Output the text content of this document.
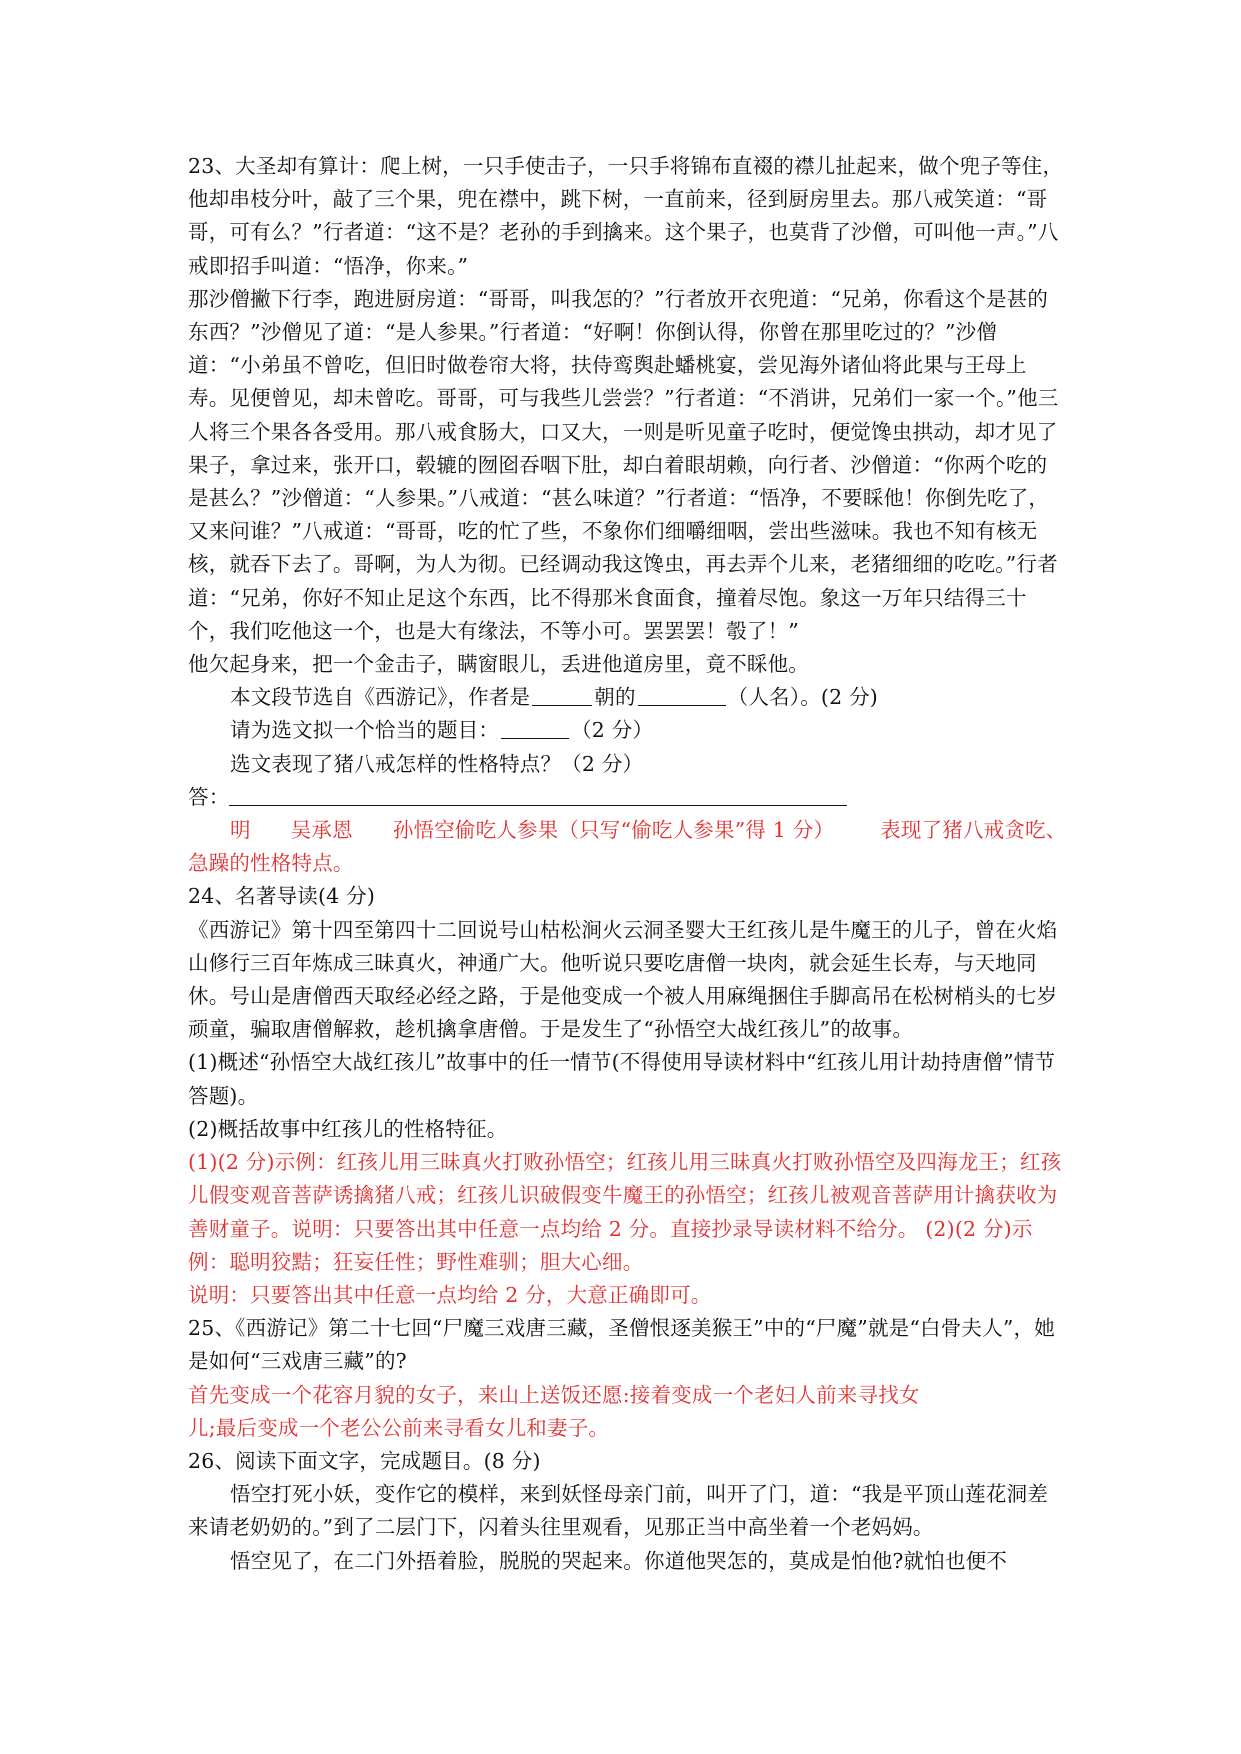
23、大圣却有算计：爬上树，一只手使击子，一只手将锦布直裰的襟儿扯起来，做个兜子等住，他却串枝分叶，敲了三个果，兜在襟中，跳下树，一直前来，径到厨房里去。那八戒笑道：“哥哥，可有么？”行者道：“这不是？老孙的手到擒来。这个果子，也莫背了沙僧，可叫他一声。”八戒即招手叫道：“悟净，你来。”

那沙僧撇下行李，跑进厨房道：“哥哥，叫我怎的？”行者放开衣兜道：“兄弟，你看这个是甚的东西？”沙僧见了道：“是人参果。”行者道：“好啊！你倒认得，你曾在那里吃过的？”沙僧道：“小弟虽不曾吃，但旧时做卷帘大将，扶侍鸾舆赴蟠桃宴，尝见海外诸仙将此果与王母上寿。见便曾见，却未曾吃。哥哥，可与我些儿尝尝？”行者道：“不消讲，兄弟们一家一个。”他三人将三个果各各受用。那八戒食肠大，口又大，一则是听见童子吃时，便觉馋虫拱动，却才见了果子，拿过来，张开口，毂辘的囫囵吞咽下肚，却白着眼胡赖，向行者、沙僧道：“你两个吃的是甚么？”沙僧道：“人参果。”八戒道：“甚么味道？”行者道：“悟净，不要睬他！你倒先吃了，又来问谁？”八戒道：“哥哥，吃的忙了些，不象你们细嚼细咽，尝出些滋味。我也不知有核无核，就吞下去了。哥啊，为人为彻。已经调动我这馋虫，再去弄个儿来，老猪细细的吃吃。”行者道：“兄弟，你好不知止足这个东西，比不得那米食面食，撞着尽饱。象这一万年只结得三十个，我们吃他这一个，也是大有缘法，不等小可。罢罢罢！彀了！”

他欠起身来，把一个金击子，瞒窗眼儿，丢进他道房里，竟不睬他。

本文段节选自《西游记》，作者是	朝的	（人名）。(2 分)

请为选文拟一个恰当的题目：	（2 分）

选文表现了猪八戒怎样的性格特点？（2 分）

答：

明 吴承恩 孙悟空偷吃人参果（只写“偷吃人参果”得 1 分） 表现了猪八戒贪吃、急躁的性格特点。

24、名著导读(4 分)

《西游记》第十四至第四十二回说号山枯松涧火云洞圣婴大王红孩儿是牛魔王的儿子，曾在火焰山修行三百年炼成三昧真火，神通广大。他听说只要吃唐僧一块肉，就会延生长寿，与天地同休。号山是唐僧西天取经必经之路，于是他变成一个被人用麻绳捆住手脚高吊在松树梢头的七岁顽童，骗取唐僧解救，趁机擒拿唐僧。于是发生了“孙悟空大战红孩儿”的故事。

(1)概述“孙悟空大战红孩儿”故事中的任一情节(不得使用导读材料中“红孩儿用计劫持唐僧”情节答题)。

(2)概括故事中红孩儿的性格特征。

(1)(2 分)示例：红孩儿用三昧真火打败孙悟空；红孩儿用三昧真火打败孙悟空及四海龙王；红孩儿假变观音菩萨诱擒猪八戒；红孩儿识破假变牛魔王的孙悟空；红孩儿被观音菩萨用计擒获收为善财童子。说明：只要答出其中任意一点均给 2 分。直接抄录导读材料不给分。 (2)(2 分)示例：聪明狡黠；狂妄任性；野性难驯；胆大心细。

说明：只要答出其中任意一点均给 2 分，大意正确即可。

25、《西游记》第二十七回“尸魔三戏唐三藏，圣僧恨逐美猴王”中的“尸魔”就是“白骨夫人”，她是如何“三戏唐三藏”的?

首先变成一个花容月貌的女子，来山上送饭还愿:接着变成一个老妇人前来寻找女

儿;最后变成一个老公公前来寻看女儿和妻子。

26、阅读下面文字，完成题目。(8 分)

悟空打死小妖，变作它的模样，来到妖怪母亲门前，叫开了门，道：“我是平顶山莲花洞差来请老奶奶的。”到了二层门下，闪着头往里观看，见那正当中高坐着一个老妈妈。

悟空见了，在二门外捂着脸，脱脱的哭起来。你道他哭怎的，莫成是怕他?就怕也便不
